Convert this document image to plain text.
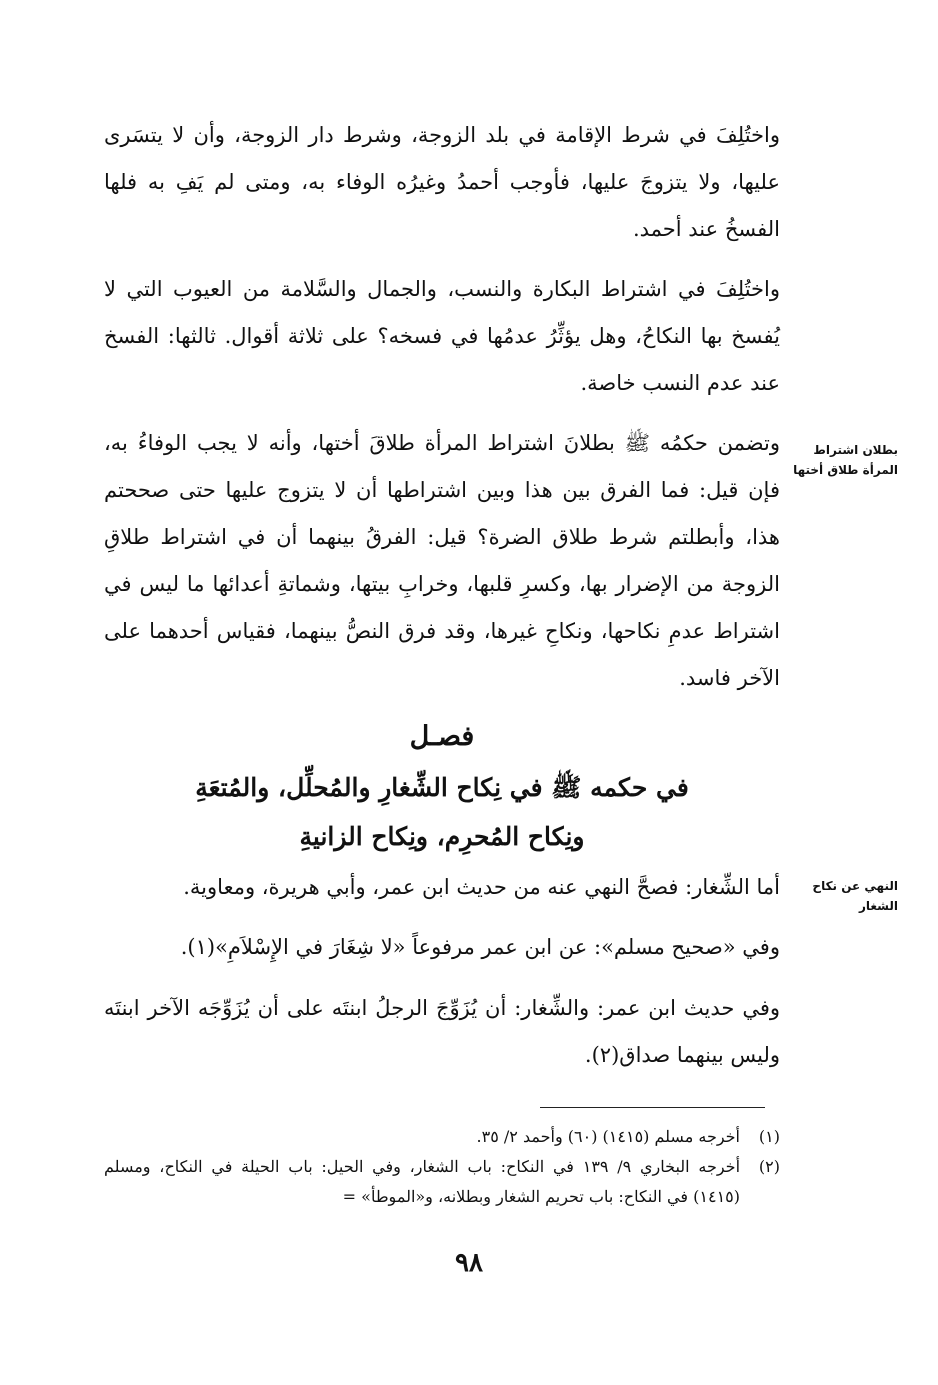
واختُلِفَ في شرط الإقامة في بلد الزوجة، وشرط دار الزوجة، وأن لا يتسَرى عليها، ولا يتزوجَ عليها، فأوجب أحمدُ وغيرُه الوفاء به، ومتى لم يَفِ به فلها الفسخُ عند أحمد.

واختُلِفَ في اشتراط البكارة والنسب، والجمال والسَّلامة من العيوب التي لا يُفسخ بها النكاحُ، وهل يؤثِّرُ عدمُها في فسخه؟ على ثلاثة أقوال. ثالثها: الفسخ عند عدم النسب خاصة.

بطلان اشتراط المرأة طلاق أختها

وتضمن حكمُه ﷺ بطلانَ اشتراط المرأة طلاقَ أختها، وأنه لا يجب الوفاءُ به، فإن قيل: فما الفرق بين هذا وبين اشتراطها أن لا يتزوج عليها حتى صححتم هذا، وأبطلتم شرط طلاق الضرة؟ قيل: الفرقُ بينهما أن في اشتراط طلاقِ الزوجة من الإضرار بها، وكسرِ قلبها، وخرابِ بيتها، وشماتةِ أعدائها ما ليس في اشتراط عدمِ نكاحها، ونكاحِ غيرها، وقد فرق النصُّ بينهما، فقياس أحدهما على الآخر فاسد.

فصـل
في حكمه ﷺ في نِكاح الشِّغارِ والمُحلِّل، والمُتعَةِ
ونِكاح المُحرِم، ونِكاح الزانيةِ
النهي عن نكاح الشغار

أما الشِّغار: فصحَّ النهي عنه من حديث ابن عمر، وأبي هريرة، ومعاوية.

وفي «صحيح مسلم»: عن ابن عمر مرفوعاً «لا شِغَارَ في الإِسْلاَمِ»(١).

وفي حديث ابن عمر: والشِّغار: أن يُزَوِّجَ الرجلُ ابنتَه على أن يُزَوِّجَه الآخر ابنتَه وليس بينهما صداق(٢).

(١)
أخرجه مسلم (١٤١٥) (٦٠) وأحمد ٢/ ٣٥.
(٢)
أخرجه البخاري ٩/ ١٣٩ في النكاح: باب الشغار، وفي الحيل: باب الحيلة في النكاح، ومسلم (١٤١٥) في النكاح: باب تحريم الشغار وبطلانه، و«الموطأ» =
٩٨
